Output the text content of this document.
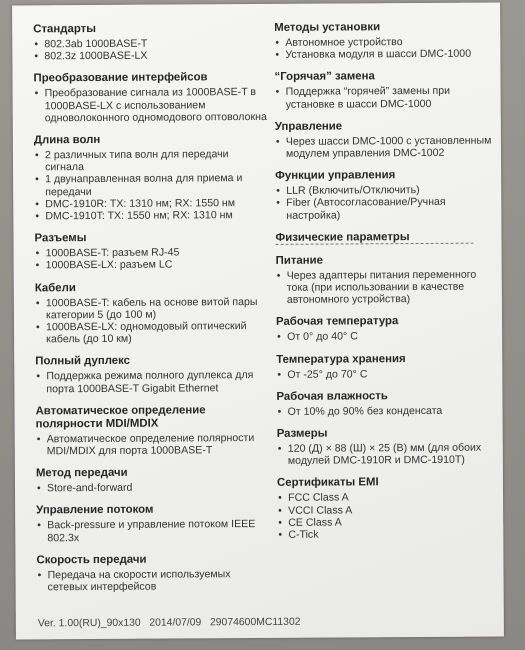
Стандарты
• 802.3ab 1000BASE-T
• 802.3z 1000BASE-LX
Преобразование интерфейсов
• Преобразование сигнала из 1000BASE-T в 1000BASE-LX с использованием одноволоконного одномодового оптоволокна
Длина волн
• 2 различных типа волн для передачи сигнала
• 1 двунаправленная волна для приема и передачи
• DMC-1910R: TX: 1310 нм; RX: 1550 нм
• DMC-1910T: TX: 1550 нм; RX: 1310 нм
Разъемы
• 1000BASE-T: разъем RJ-45
• 1000BASE-LX: разъем LC
Кабели
• 1000BASE-T: кабель на основе витой пары категории 5 (до 100 м)
• 1000BASE-LX: одномодовый оптический кабель (до 10 км)
Полный дуплекс
• Поддержка режима полного дуплекса для порта 1000BASE-T Gigabit Ethernet
Автоматическое определение полярности MDI/MDIX
• Автоматическое определение полярности MDI/MDIX для порта 1000BASE-T
Метод передачи
• Store-and-forward
Управление потоком
• Back-pressure и управление потоком IEEE 802.3x
Скорость передачи
• Передача на скорости используемых сетевых интерфейсов
Методы установки
• Автономное устройство
• Установка модуля в шасси DMC-1000
“Горячая” замена
• Поддержка “горячей” замены при установке в шасси DMC-1000
Управление
• Через шасси DMC-1000 с установленным модулем управления DMC-1002
Функции управления
• LLR (Включить/Отключить)
• Fiber (Автосогласование/Ручная настройка)
Физические параметры
Питание
• Через адаптеры питания переменного тока (при использовании в качестве автономного устройства)
Рабочая температура
• От 0° до 40° C
Температура хранения
• От -25° до 70° C
Рабочая влажность
• От 10% до 90% без конденсата
Размеры
• 120 (Д) × 88 (Ш) × 25 (В) мм (для обоих модулей DMC-1910R и DMC-1910T)
Сертификаты EMI
• FCC Class A
• VCCI Class A
• CE Class A
• C-Tick
Ver. 1.00(RU)_90x130   2014/07/09   29074600MC11302
